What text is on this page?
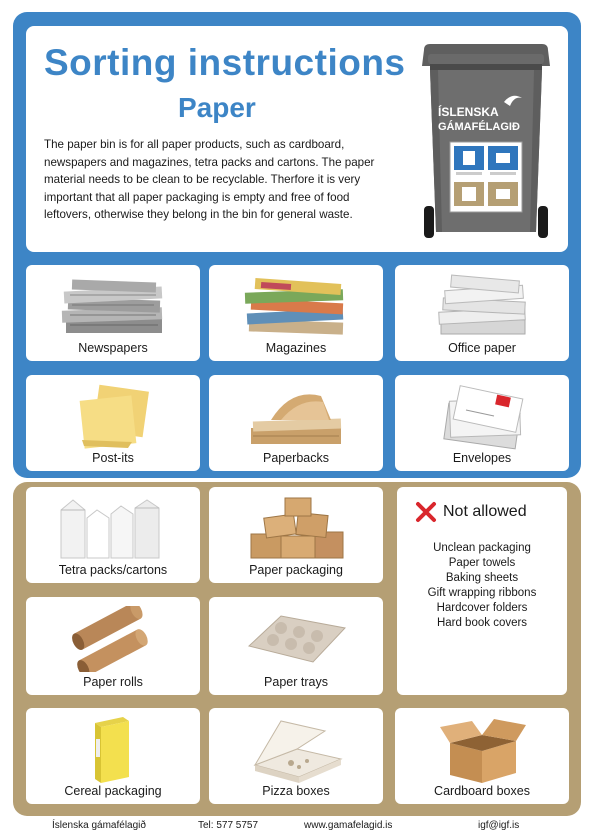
Sorting instructions
Paper

The paper bin is for all paper products, such as cardboard, newspapers and magazines, tetra packs and cartons. The paper material needs to be clean to be recyclable. Therfore it is very important that all paper packaging is empty and free of food leftovers, otherwise they belong in the bin for general waste.

ÍSLENSKA
GÁMAFÉLAGIÐ
Newspapers	Magazines	Office paper
Post-its	Paperbacks	Envelopes
Tetra packs/cartons	Paper packaging
Not allowed
Unclean packaging
Paper towels
Baking sheets
Gift wrapping ribbons
Hardcover folders
Hard book covers
Paper rolls	Paper trays
Cereal packaging	Pizza boxes	Cardboard boxes
Íslenska gámafélagið	Tel: 577 5757	www.gamafelagid.is	igf@igf.is
